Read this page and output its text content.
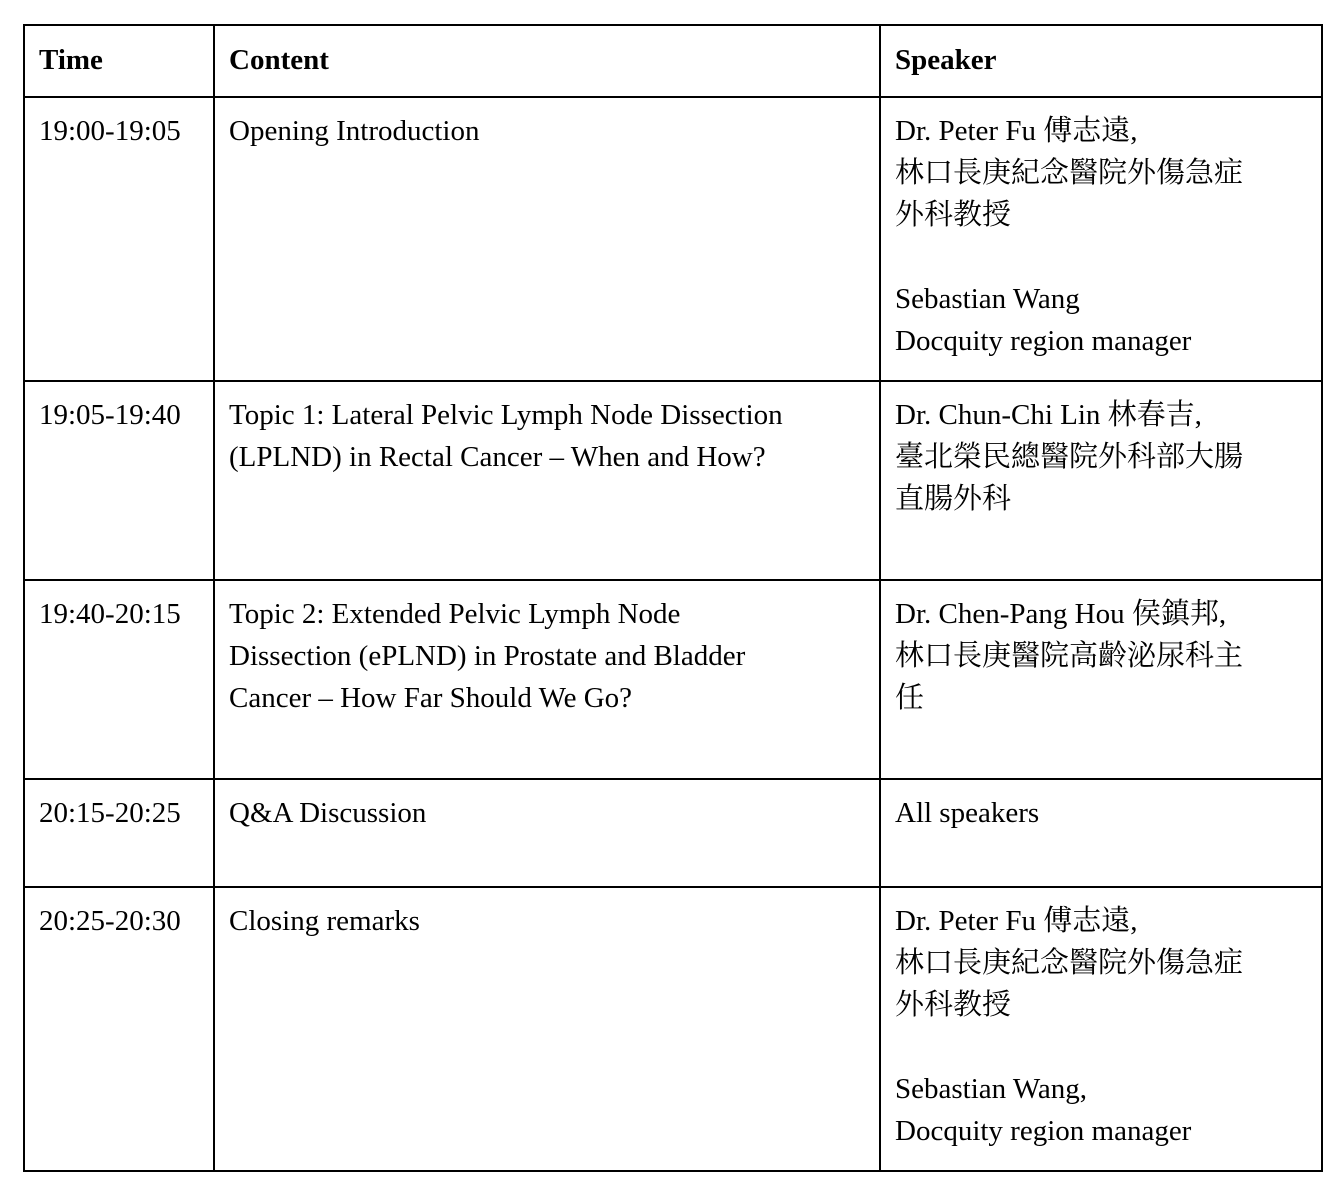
Time	Content	Speaker

19:00-19:05	Opening Introduction	Dr. Peter Fu 傅志遠,
林口長庚紀念醫院外傷急症
外科教授
Sebastian Wang
Docquity region manager

19:05-19:40	Topic 1: Lateral Pelvic Lymph Node Dissection
(LPLND) in Rectal Cancer – When and How?	Dr. Chun-Chi Lin 林春吉,
臺北榮民總醫院外科部大腸
直腸外科

19:40-20:15	Topic 2: Extended Pelvic Lymph Node
Dissection (ePLND) in Prostate and Bladder
Cancer – How Far Should We Go?	Dr. Chen-Pang Hou 侯鎮邦,
林口長庚醫院高齡泌尿科主
任

20:15-20:25	Q&A Discussion	All speakers

20:25-20:30	Closing remarks	Dr. Peter Fu 傅志遠,
林口長庚紀念醫院外傷急症
外科教授
Sebastian Wang,
Docquity region manager
